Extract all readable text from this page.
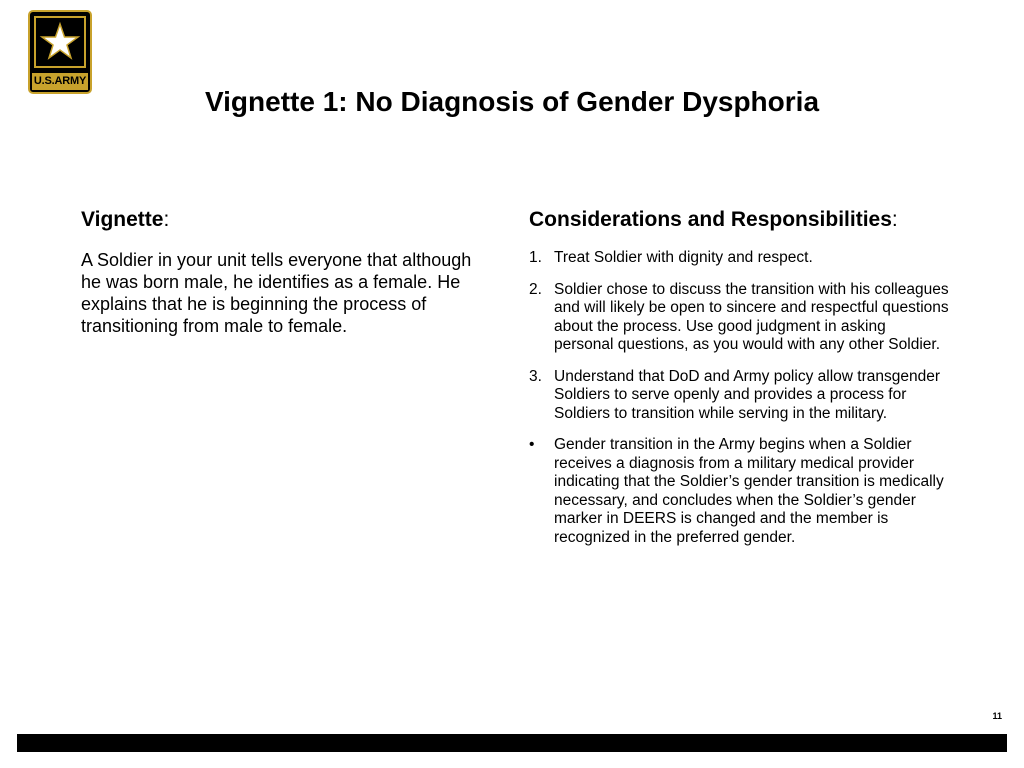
U.S.ARMY
Vignette 1: No Diagnosis of Gender Dysphoria

Vignette:

A Soldier in your unit tells everyone that although he was born male, he identifies as a female. He explains that he is beginning the process of transitioning from male to female.

Considerations and Responsibilities:

1. Treat Soldier with dignity and respect.
2. Soldier chose to discuss the transition with his colleagues and will likely be open to sincere and respectful questions about the process. Use good judgment in asking personal questions, as you would with any other Soldier.
3. Understand that DoD and Army policy allow transgender Soldiers to serve openly and provides a process for Soldiers to transition while serving in the military.
•	Gender transition in the Army begins when a Soldier receives a diagnosis from a military medical provider indicating that the Soldier’s gender transition is medically necessary, and concludes when the Soldier’s gender marker in DEERS is changed and the member is recognized in the preferred gender.
11
